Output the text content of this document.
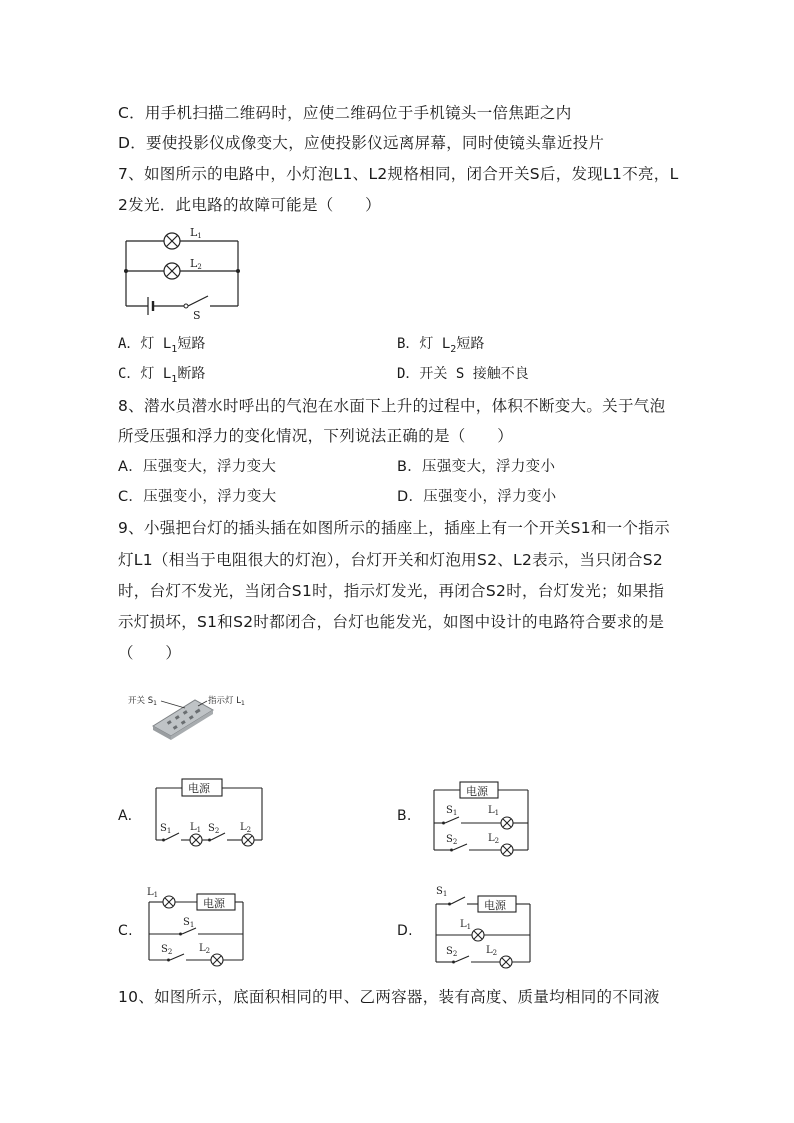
C．用手机扫描二维码时，应使二维码位于手机镜头一倍焦距之内
D．要使投影仪成像变大，应使投影仪远离屏幕，同时使镜头靠近投片
7、如图所示的电路中，小灯泡L1、L2规格相同，闭合开关S后，发现L1不亮，L
2发光．此电路的故障可能是（　　）
L1
L2
S
A．灯 $L_1$短路	B．灯 $L_2$短路
C．灯 $L_1$断路	D．开关 S 接触不良
8、潜水员潜水时呼出的气泡在水面下上升的过程中，体积不断变大。关于气泡
所受压强和浮力的变化情况，下列说法正确的是（　　）
A．压强变大，浮力变大	B．压强变大，浮力变小
C．压强变小，浮力变大	D．压强变小，浮力变小
9、小强把台灯的插头插在如图所示的插座上，插座上有一个开关S1和一个指示
灯L1（相当于电阻很大的灯泡），台灯开关和灯泡用S2、L2表示，当只闭合S2
时，台灯不发光，当闭合S1时，指示灯发光，再闭合S2时，台灯发光；如果指
示灯损坏，S1和S2时都闭合，台灯也能发光，如图中设计的电路符合要求的是
（　　）
开关 $S_1$	指示灯 $L_1$
A.
电源
$S_1$ $L_1$ $S_2$ $L_2$
B.
电源
$S_1$	$L_1$
$S_2$	$L_2$
C.
电源
$L_1$
$S_1$
$S_2$	$L_2$
D.
电源
$S_1$
$L_1$
$S_2$	$L_2$
10、如图所示，底面积相同的甲、乙两容器，装有高度、质量均相同的不同液
